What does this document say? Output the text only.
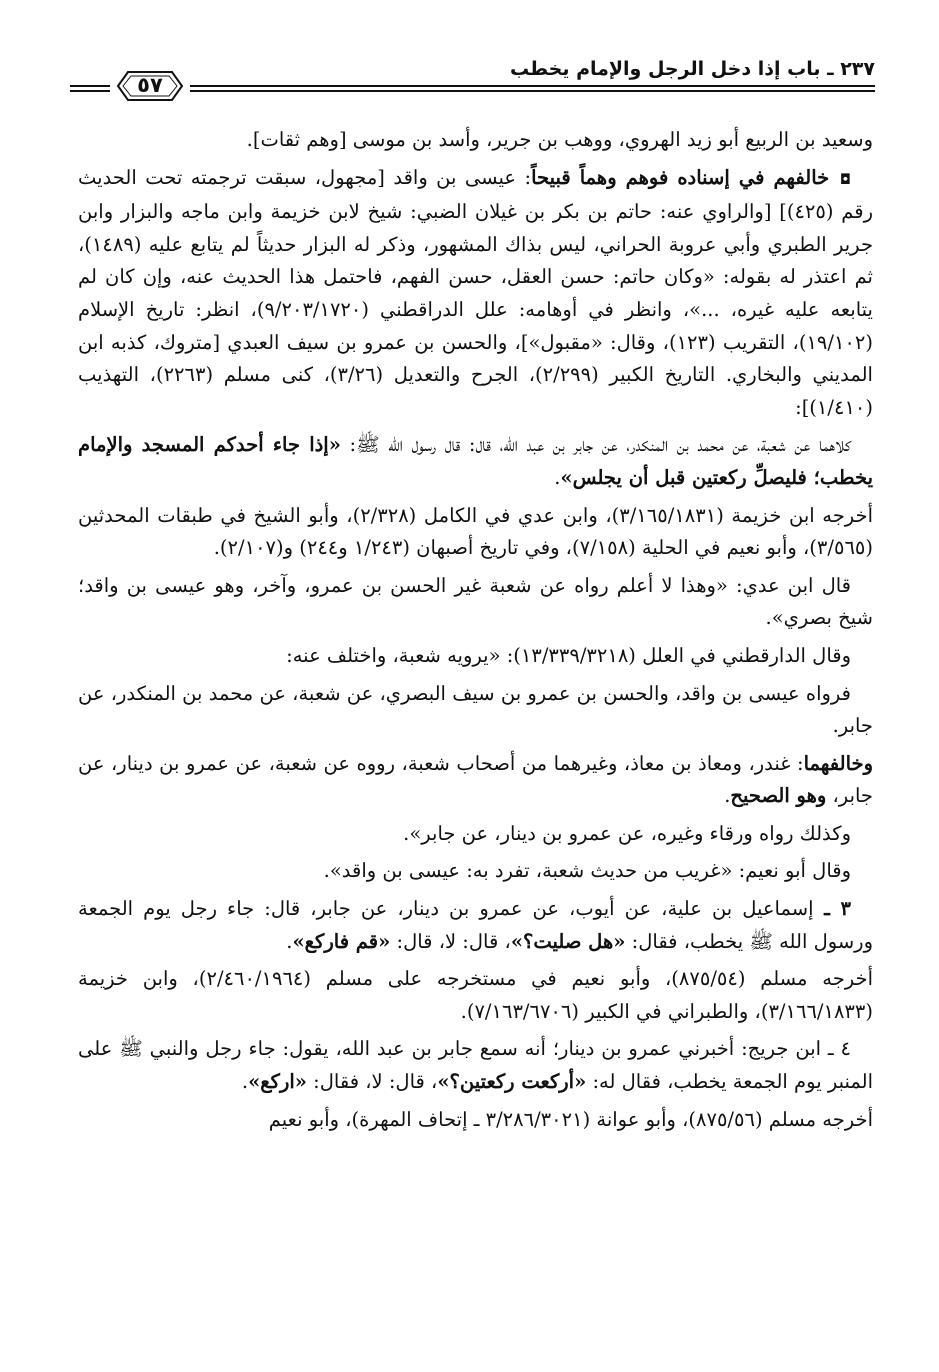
٢٣٧ ـ باب إذا دخل الرجل والإمام يخطب
٥٧

وسعيد بن الربيع أبو زيد الهروي، ووهب بن جرير، وأسد بن موسى [وهم ثقات].

◘ خالفهم في إسناده فوهم وهماً قبيحاً: عيسى بن واقد [مجهول، سبقت ترجمته تحت الحديث رقم (٤٢٥)] [والراوي عنه: حاتم بن بكر بن غيلان الضبي: شيخ لابن خزيمة وابن ماجه والبزار وابن جرير الطبري وأبي عروبة الحراني، ليس بذاك المشهور، وذكر له البزار حديثاً لم يتابع عليه (١٤٨٩)، ثم اعتذر له بقوله: «وكان حاتم: حسن العقل، حسن الفهم، فاحتمل هذا الحديث عنه، وإن كان لم يتابعه عليه غيره، ...»، وانظر في أوهامه: علل الدراقطني (٩/٢٠٣/١٧٢٠)، انظر: تاريخ الإسلام (١٩/١٠٢)، التقريب (١٢٣)، وقال: «مقبول»]، والحسن بن عمرو بن سيف العبدي [متروك، كذبه ابن المديني والبخاري. التاريخ الكبير (٢/٢٩٩)، الجرح والتعديل (٣/٢٦)، كنى مسلم (٢٢٦٣)، التهذيب (١/٤١٠)]:

كلاهما عن شعبة، عن محمد بن المنكدر، عن جابر بن عبد الله، قال: قال رسول الله ﷺ: «إذا جاء أحدكم المسجد والإمام يخطب؛ فليصلِّ ركعتين قبل أن يجلس».

أخرجه ابن خزيمة (٣/١٦٥/١٨٣١)، وابن عدي في الكامل (٢/٣٢٨)، وأبو الشيخ في طبقات المحدثين (٣/٥٦٥)، وأبو نعيم في الحلية (٧/١٥٨)، وفي تاريخ أصبهان (١/٢٤٣ و٢٤٤) و(٢/١٠٧).

قال ابن عدي: «وهذا لا أعلم رواه عن شعبة غير الحسن بن عمرو، وآخر، وهو عيسى بن واقد؛ شيخ بصري».

وقال الدارقطني في العلل (١٣/٣٣٩/٣٢١٨): «يرويه شعبة، واختلف عنه:

فرواه عيسى بن واقد، والحسن بن عمرو بن سيف البصري، عن شعبة، عن محمد بن المنكدر، عن جابر.

وخالفهما: غندر، ومعاذ بن معاذ، وغيرهما من أصحاب شعبة، رووه عن شعبة، عن عمرو بن دينار، عن جابر، وهو الصحيح.

وكذلك رواه ورقاء وغيره، عن عمرو بن دينار، عن جابر».

وقال أبو نعيم: «غريب من حديث شعبة، تفرد به: عيسى بن واقد».

٣ ـ إسماعيل بن علية، عن أيوب، عن عمرو بن دينار، عن جابر، قال: جاء رجل يوم الجمعة ورسول الله ﷺ يخطب، فقال: «هل صليت؟»، قال: لا، قال: «قم فاركع».

أخرجه مسلم (٨٧٥/٥٤)، وأبو نعيم في مستخرجه على مسلم (٢/٤٦٠/١٩٦٤)، وابن خزيمة (٣/١٦٦/١٨٣٣)، والطبراني في الكبير (٧/١٦٣/٦٧٠٦).

٤ ـ ابن جريج: أخبرني عمرو بن دينار؛ أنه سمع جابر بن عبد الله، يقول: جاء رجل والنبي ﷺ على المنبر يوم الجمعة يخطب، فقال له: «أركعت ركعتين؟»، قال: لا، فقال: «اركع».

أخرجه مسلم (٨٧٥/٥٦)، وأبو عوانة (٣/٢٨٦/٣٠٢١ ـ إتحاف المهرة)، وأبو نعيم
